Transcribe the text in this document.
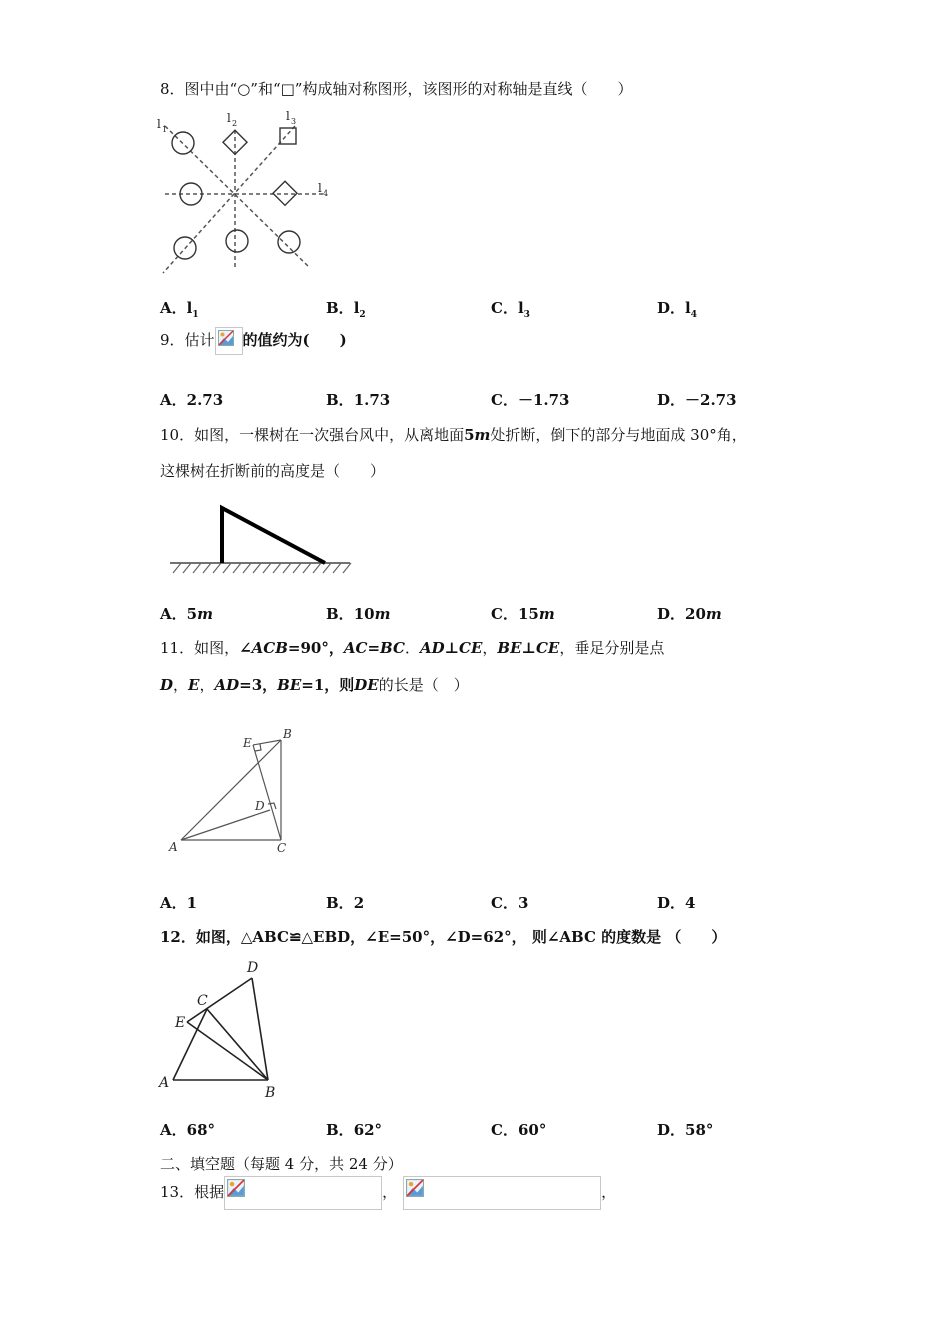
8．图中由“○”和“□”构成轴对称图形，该图形的对称轴是直线（　　）
l 1
l 2
l 3
l 4
A．$l_1$	B．$l_2$	C．$l_3$	D．$l_4$
9．估计 的值约为(　　)
A．2.73	B．1.73	C．－1.73	D．－2.73
10．如图，一棵树在一次强台风中，从离地面5m处折断，倒下的部分与地面成 30°角，
这棵树在折断前的高度是（　　）
A．5m	B．10m	C．15m	D．20m
11．如图，∠ACB=90°，AC=BC．AD⊥CE，BE⊥CE，垂足分别是点
D，E，AD=3，BE=1，则DE的长是（　）
A
B
C
D
E
A．1	B．2	C．3	D．4
12．如图，△ABC≌△EBD，∠E=50°，∠D=62°， 则∠ABC 的度数是 （　　）
A
B
C
D
E
A．68°	B．62°	C．60°	D．58°
二、填空题（每题 4 分，共 24 分）
13．根据	，	，
